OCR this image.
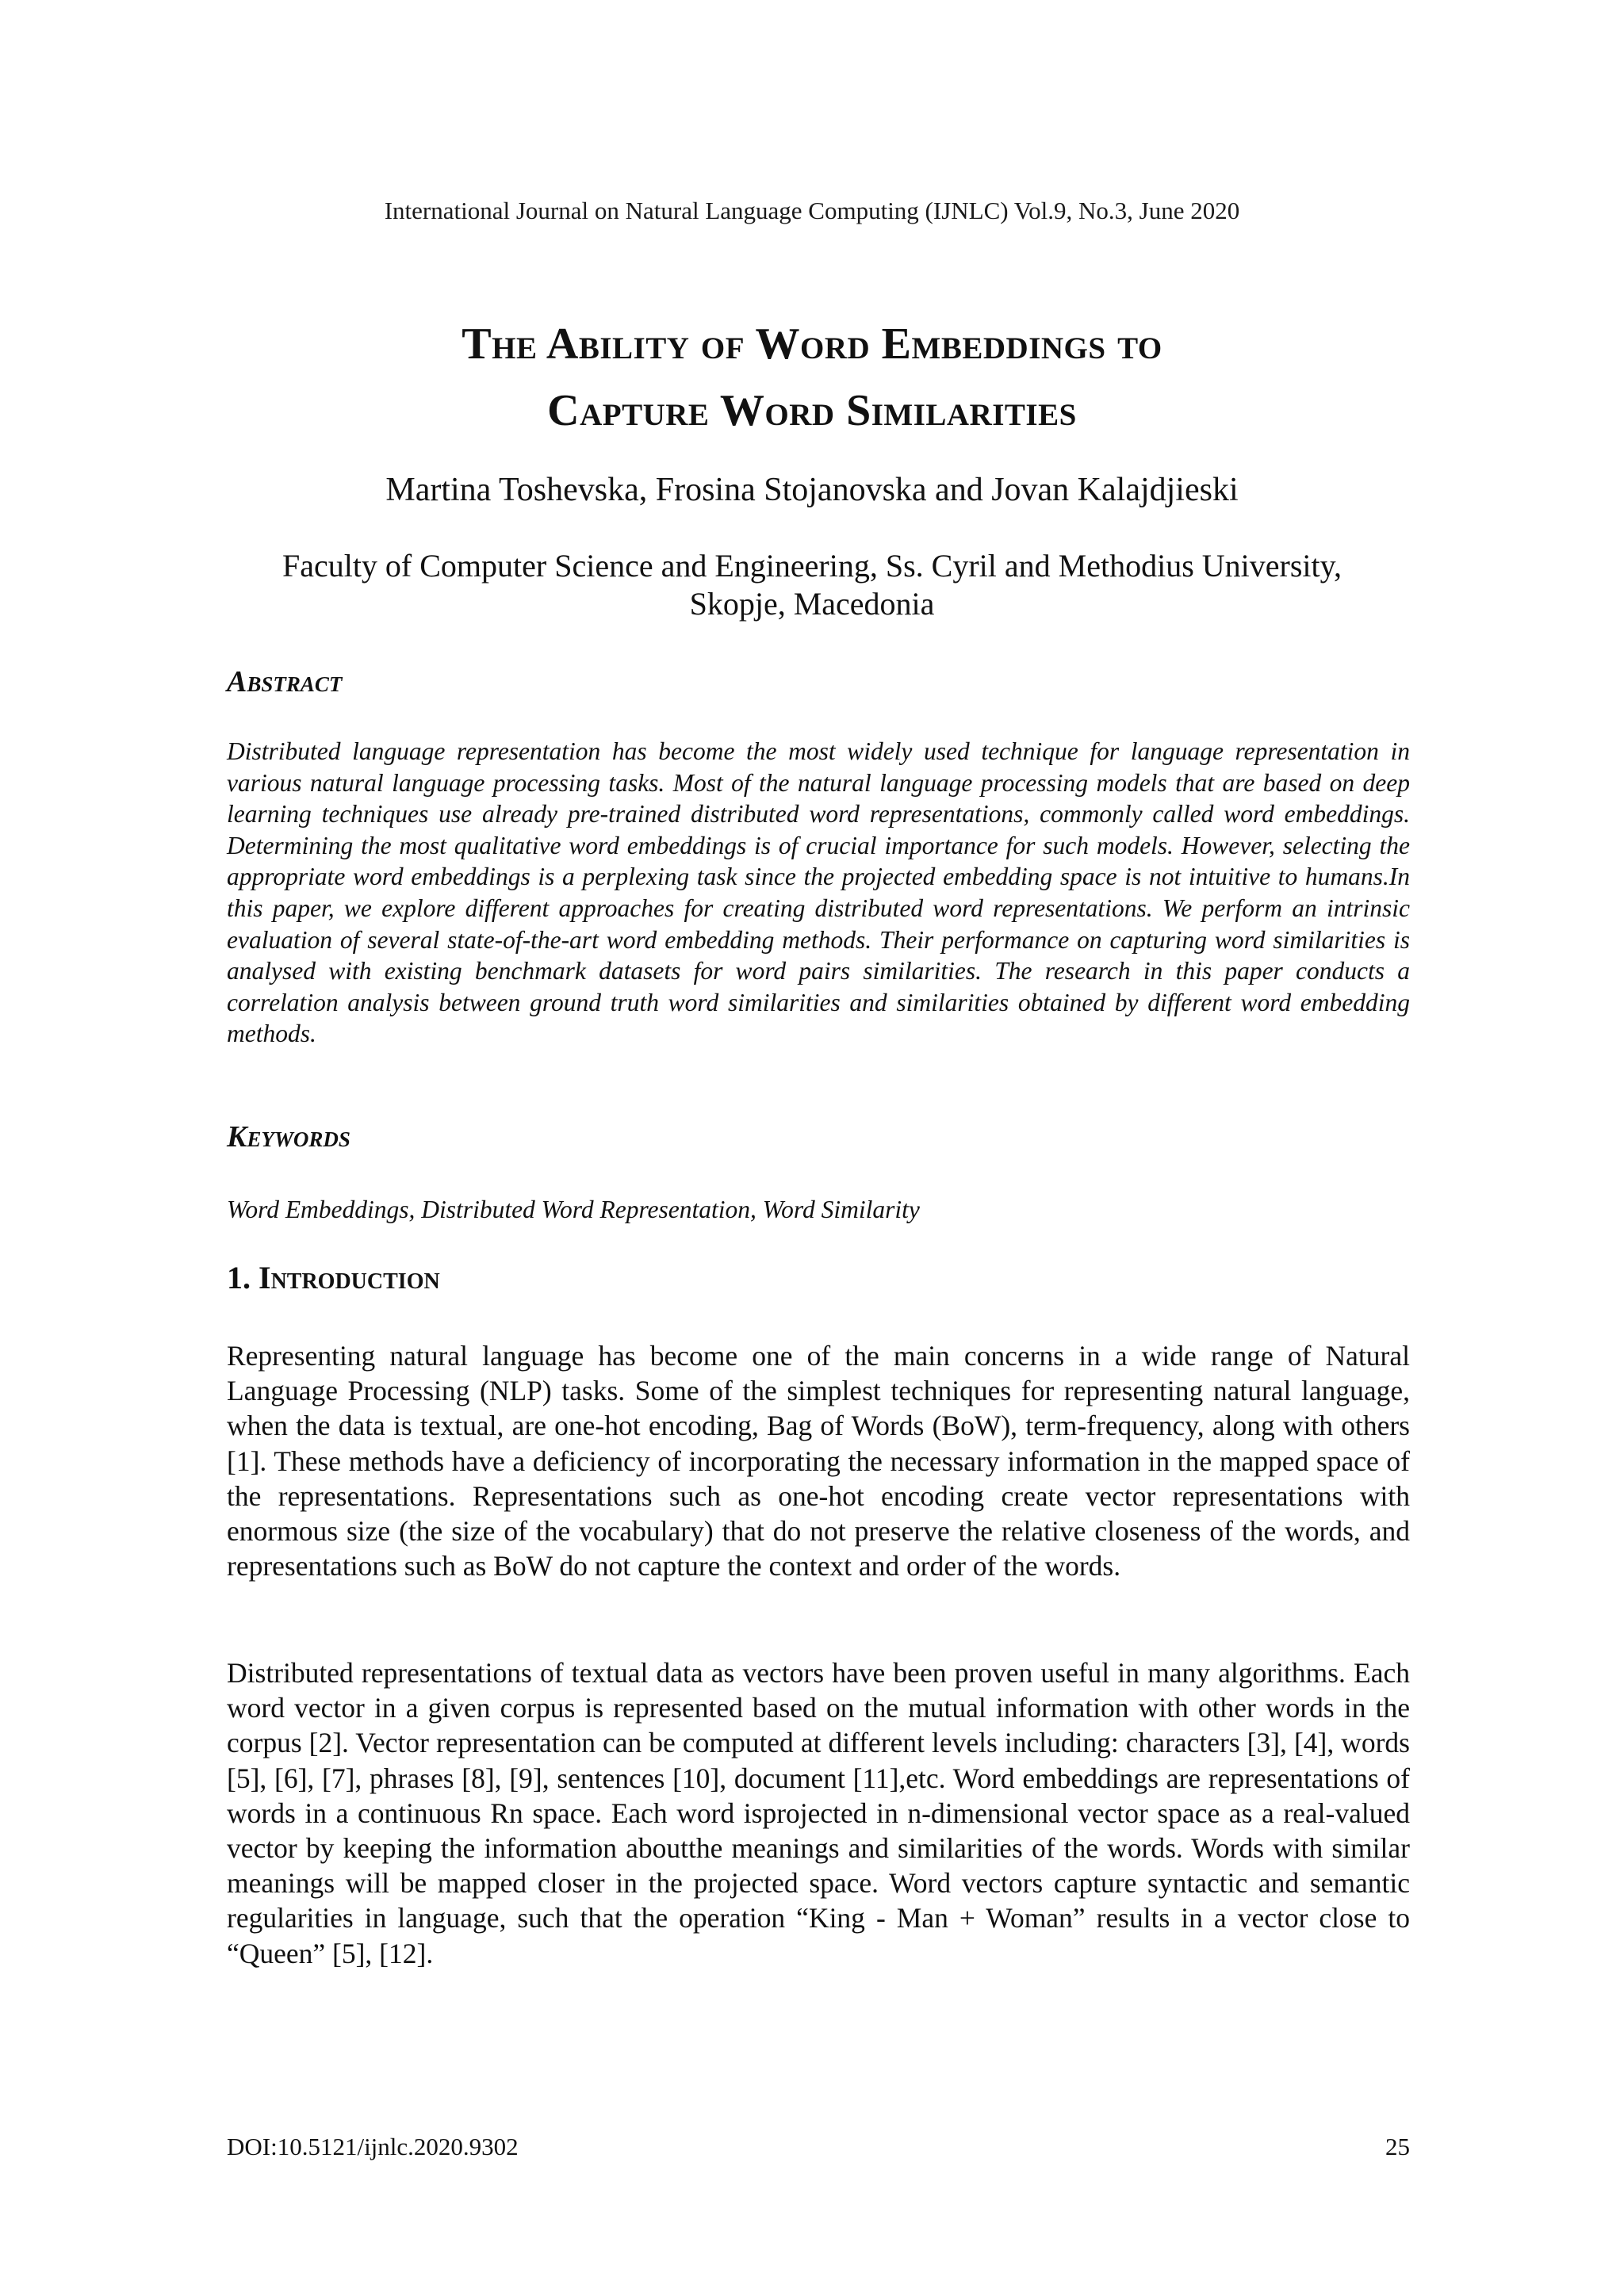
International Journal on Natural Language Computing (IJNLC) Vol.9, No.3, June 2020
The Ability of Word Embeddings to
Capture Word Similarities
Martina Toshevska, Frosina Stojanovska and Jovan Kalajdjieski
Faculty of Computer Science and Engineering, Ss. Cyril and Methodius University,
Skopje, Macedonia
Abstract
Distributed language representation has become the most widely used technique for language representation in various natural language processing tasks. Most of the natural language processing models that are based on deep learning techniques use already pre-trained distributed word representations, commonly called word embeddings. Determining the most qualitative word embeddings is of crucial importance for such models. However, selecting the appropriate word embeddings is a perplexing task since the projected embedding space is not intuitive to humans.In this paper, we explore different approaches for creating distributed word representations. We perform an intrinsic evaluation of several state-of-the-art word embedding methods. Their performance on capturing word similarities is analysed with existing benchmark datasets for word pairs similarities. The research in this paper conducts a correlation analysis between ground truth word similarities and similarities obtained by different word embedding methods.
Keywords
Word Embeddings, Distributed Word Representation, Word Similarity
1. Introduction
Representing natural language has become one of the main concerns in a wide range of Natural Language Processing (NLP) tasks. Some of the simplest techniques for representing natural language, when the data is textual, are one-hot encoding, Bag of Words (BoW), term-frequency, along with others [1]. These methods have a deficiency of incorporating the necessary information in the mapped space of the representations. Representations such as one-hot encoding create vector representations with enormous size (the size of the vocabulary) that do not preserve the relative closeness of the words, and representations such as BoW do not capture the context and order of the words.
Distributed representations of textual data as vectors have been proven useful in many algorithms. Each word vector in a given corpus is represented based on the mutual information with other words in the corpus [2]. Vector representation can be computed at different levels including: characters [3], [4], words [5], [6], [7], phrases [8], [9], sentences [10], document [11],etc. Word embeddings are representations of words in a continuous Rn space. Each word isprojected in n-dimensional vector space as a real-valued vector by keeping the information aboutthe meanings and similarities of the words. Words with similar meanings will be mapped closer in the projected space. Word vectors capture syntactic and semantic regularities in language, such that the operation “King - Man + Woman” results in a vector close to “Queen” [5], [12].
DOI:10.5121/ijnlc.2020.9302	25
